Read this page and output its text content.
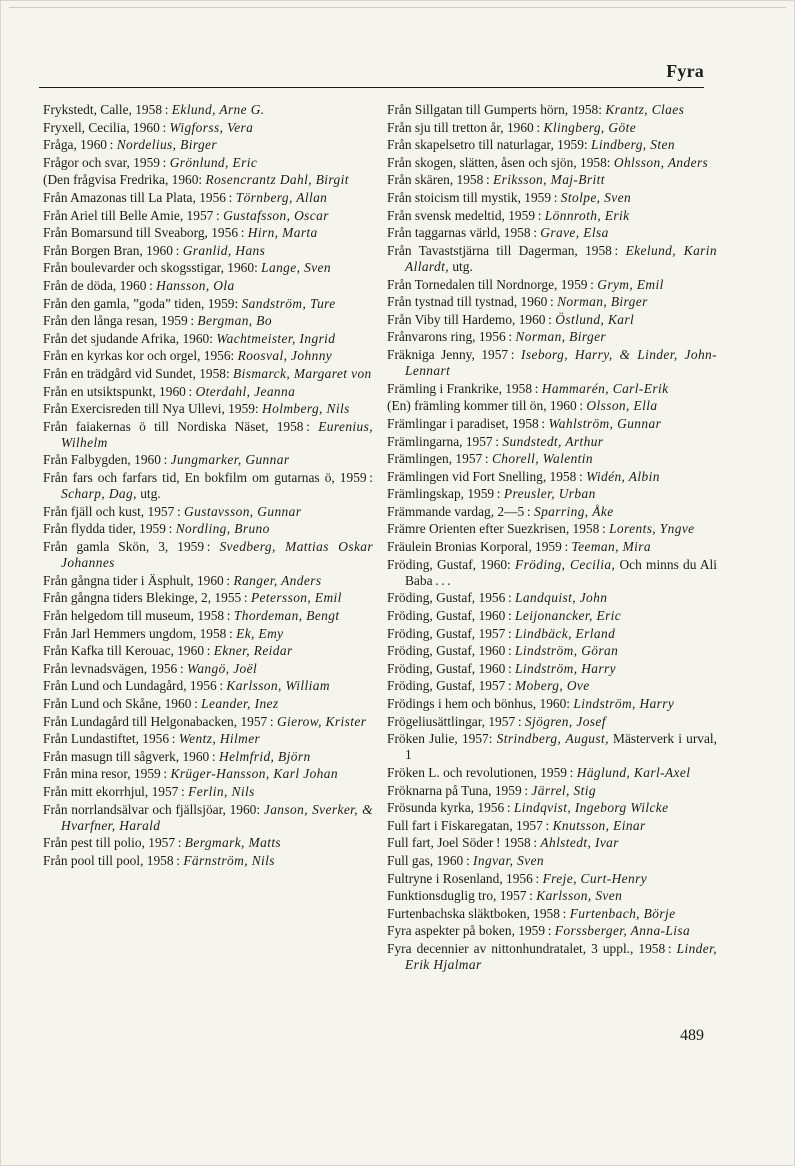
Fyra

Frykstedt, Calle, 1958 : Eklund, Arne G.

Fryxell, Cecilia, 1960 : Wigforss, Vera

Fråga, 1960 : Nordelius, Birger

Frågor och svar, 1959 : Grönlund, Eric

(Den frågvisa Fredrika, 1960: Rosencrantz Dahl, Birgit

Från Amazonas till La Plata, 1956 : Törnberg, Allan

Från Ariel till Belle Amie, 1957 : Gustafsson, Oscar

Från Bomarsund till Sveaborg, 1956 : Hirn, Marta

Från Borgen Bran, 1960 : Granlid, Hans

Från boulevarder och skogsstigar, 1960: Lange, Sven

Från de döda, 1960 : Hansson, Ola

Från den gamla, ”goda” tiden, 1959: Sandström, Ture

Från den långa resan, 1959 : Bergman, Bo

Från det sjudande Afrika, 1960: Wachtmeister, Ingrid

Från en kyrkas kor och orgel, 1956: Roosval, Johnny

Från en trädgård vid Sundet, 1958: Bismarck, Margaret von

Från en utsiktspunkt, 1960 : Oterdahl, Jeanna

Från Exercisreden till Nya Ullevi, 1959: Holmberg, Nils

Från faiakernas ö till Nordiska Näset, 1958 : Eurenius, Wilhelm

Från Falbygden, 1960 : Jungmarker, Gunnar

Från fars och farfars tid, En bokfilm om gutarnas ö, 1959 : Scharp, Dag, utg.

Från fjäll och kust, 1957 : Gustavsson, Gunnar

Från flydda tider, 1959 : Nordling, Bruno

Från gamla Skön, 3, 1959 : Svedberg, Mattias Oskar Johannes

Från gångna tider i Äsphult, 1960 : Ranger, Anders

Från gångna tiders Blekinge, 2, 1955 : Petersson, Emil

Från helgedom till museum, 1958 : Thordeman, Bengt

Från Jarl Hemmers ungdom, 1958 : Ek, Emy

Från Kafka till Kerouac, 1960 : Ekner, Reidar

Från levnadsvägen, 1956 : Wangö, Joël

Från Lund och Lundagård, 1956 : Karlsson, William

Från Lund och Skåne, 1960 : Leander, Inez

Från Lundagård till Helgonabacken, 1957 : Gierow, Krister

Från Lundastiftet, 1956 : Wentz, Hilmer

Från masugn till sågverk, 1960 : Helmfrid, Björn

Från mina resor, 1959 : Krüger-Hansson, Karl Johan

Från mitt ekorrhjul, 1957 : Ferlin, Nils

Från norrlandsälvar och fjällsjöar, 1960: Janson, Sverker, & Hvarfner, Harald

Från pest till polio, 1957 : Bergmark, Matts

Från pool till pool, 1958 : Färnström, Nils

Från Sillgatan till Gumperts hörn, 1958: Krantz, Claes

Från sju till tretton år, 1960 : Klingberg, Göte

Från skapelsetro till naturlagar, 1959: Lindberg, Sten

Från skogen, slätten, åsen och sjön, 1958: Ohlsson, Anders

Från skären, 1958 : Eriksson, Maj-Britt

Från stoicism till mystik, 1959 : Stolpe, Sven

Från svensk medeltid, 1959 : Lönnroth, Erik

Från taggarnas värld, 1958 : Grave, Elsa

Från Tavaststjärna till Dagerman, 1958 : Ekelund, Karin Allardt, utg.

Från Tornedalen till Nordnorge, 1959 : Grym, Emil

Från tystnad till tystnad, 1960 : Norman, Birger

Från Viby till Hardemo, 1960 : Östlund, Karl

Frånvarons ring, 1956 : Norman, Birger

Fräkniga Jenny, 1957 : Iseborg, Harry, & Linder, John-Lennart

Främling i Frankrike, 1958 : Hammarén, Carl-Erik

(En) främling kommer till ön, 1960 : Olsson, Ella

Främlingar i paradiset, 1958 : Wahlström, Gunnar

Främlingarna, 1957 : Sundstedt, Arthur

Främlingen, 1957 : Chorell, Walentin

Främlingen vid Fort Snelling, 1958 : Widén, Albin

Främlingskap, 1959 : Preusler, Urban

Främmande vardag, 2—5 : Sparring, Åke

Främre Orienten efter Suezkrisen, 1958 : Lorents, Yngve

Fräulein Bronias Korporal, 1959 : Teeman, Mira

Fröding, Gustaf, 1960: Fröding, Cecilia, Och minns du Ali Baba . . .

Fröding, Gustaf, 1956 : Landquist, John

Fröding, Gustaf, 1960 : Leijonancker, Eric

Fröding, Gustaf, 1957 : Lindbäck, Erland

Fröding, Gustaf, 1960 : Lindström, Göran

Fröding, Gustaf, 1960 : Lindström, Harry

Fröding, Gustaf, 1957 : Moberg, Ove

Frödings i hem och bönhus, 1960: Lindström, Harry

Frögeliusättlingar, 1957 : Sjögren, Josef

Fröken Julie, 1957: Strindberg, August, Mästerverk i urval, 1

Fröken L. och revolutionen, 1959 : Häglund, Karl-Axel

Fröknarna på Tuna, 1959 : Järrel, Stig

Frösunda kyrka, 1956 : Lindqvist, Ingeborg Wilcke

Full fart i Fiskaregatan, 1957 : Knutsson, Einar

Full fart, Joel Söder ! 1958 : Ahlstedt, Ivar

Full gas, 1960 : Ingvar, Sven

Fultryne i Rosenland, 1956 : Freje, Curt-Henry

Funktionsduglig tro, 1957 : Karlsson, Sven

Furtenbachska släktboken, 1958 : Furtenbach, Börje

Fyra aspekter på boken, 1959 : Forssberger, Anna-Lisa

Fyra decennier av nittonhundratalet, 3 uppl., 1958 : Linder, Erik Hjalmar

489
